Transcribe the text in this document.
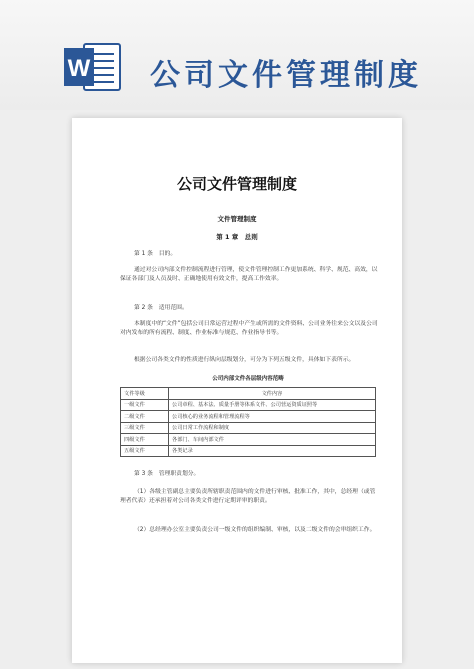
W 公司文件管理制度
公司文件管理制度
文件管理制度
第 1 章　总则
第 1 条　目的。
通过对公司内部文件控制流程进行管理，使文件管理控制工作更加系统、科学、规范、高效，以保证各部门及人员及时、正确地使用有效文件，提高工作效率。
第 2 条　适用范围。
本制度中的“文件”包括公司日常运营过程中产生或所需的文件资料、公司业务往来公文以及公司对内发布的所有流程、制度、作业标准与规范、作业指导书等。
根据公司各类文件的性质进行纵向层级划分，可分为下列五级文件，具体如下表所示。
公司内部文件各层级内容范畴
文件等级	文件内容
一级文件	公司章程、基本法、质量手册等体系文件、公司营运资质证照等
二级文件	公司核心的业务流程和管理流程等
三级文件	公司日常工作流程和制度
四级文件	各部门、车间内部文件
五级文件	各类记录
第 3 条　管理职责划分。
（1）各级主管副总主要负责所辖职责范围内的文件进行审核、批准工作，其中，总经理（或管理者代表）还承担着对公司各类文件进行定期评审的职责。
（2）总经理办公室主要负责公司一级文件的组织编制、审核，以及二级文件的会审组织工作。
